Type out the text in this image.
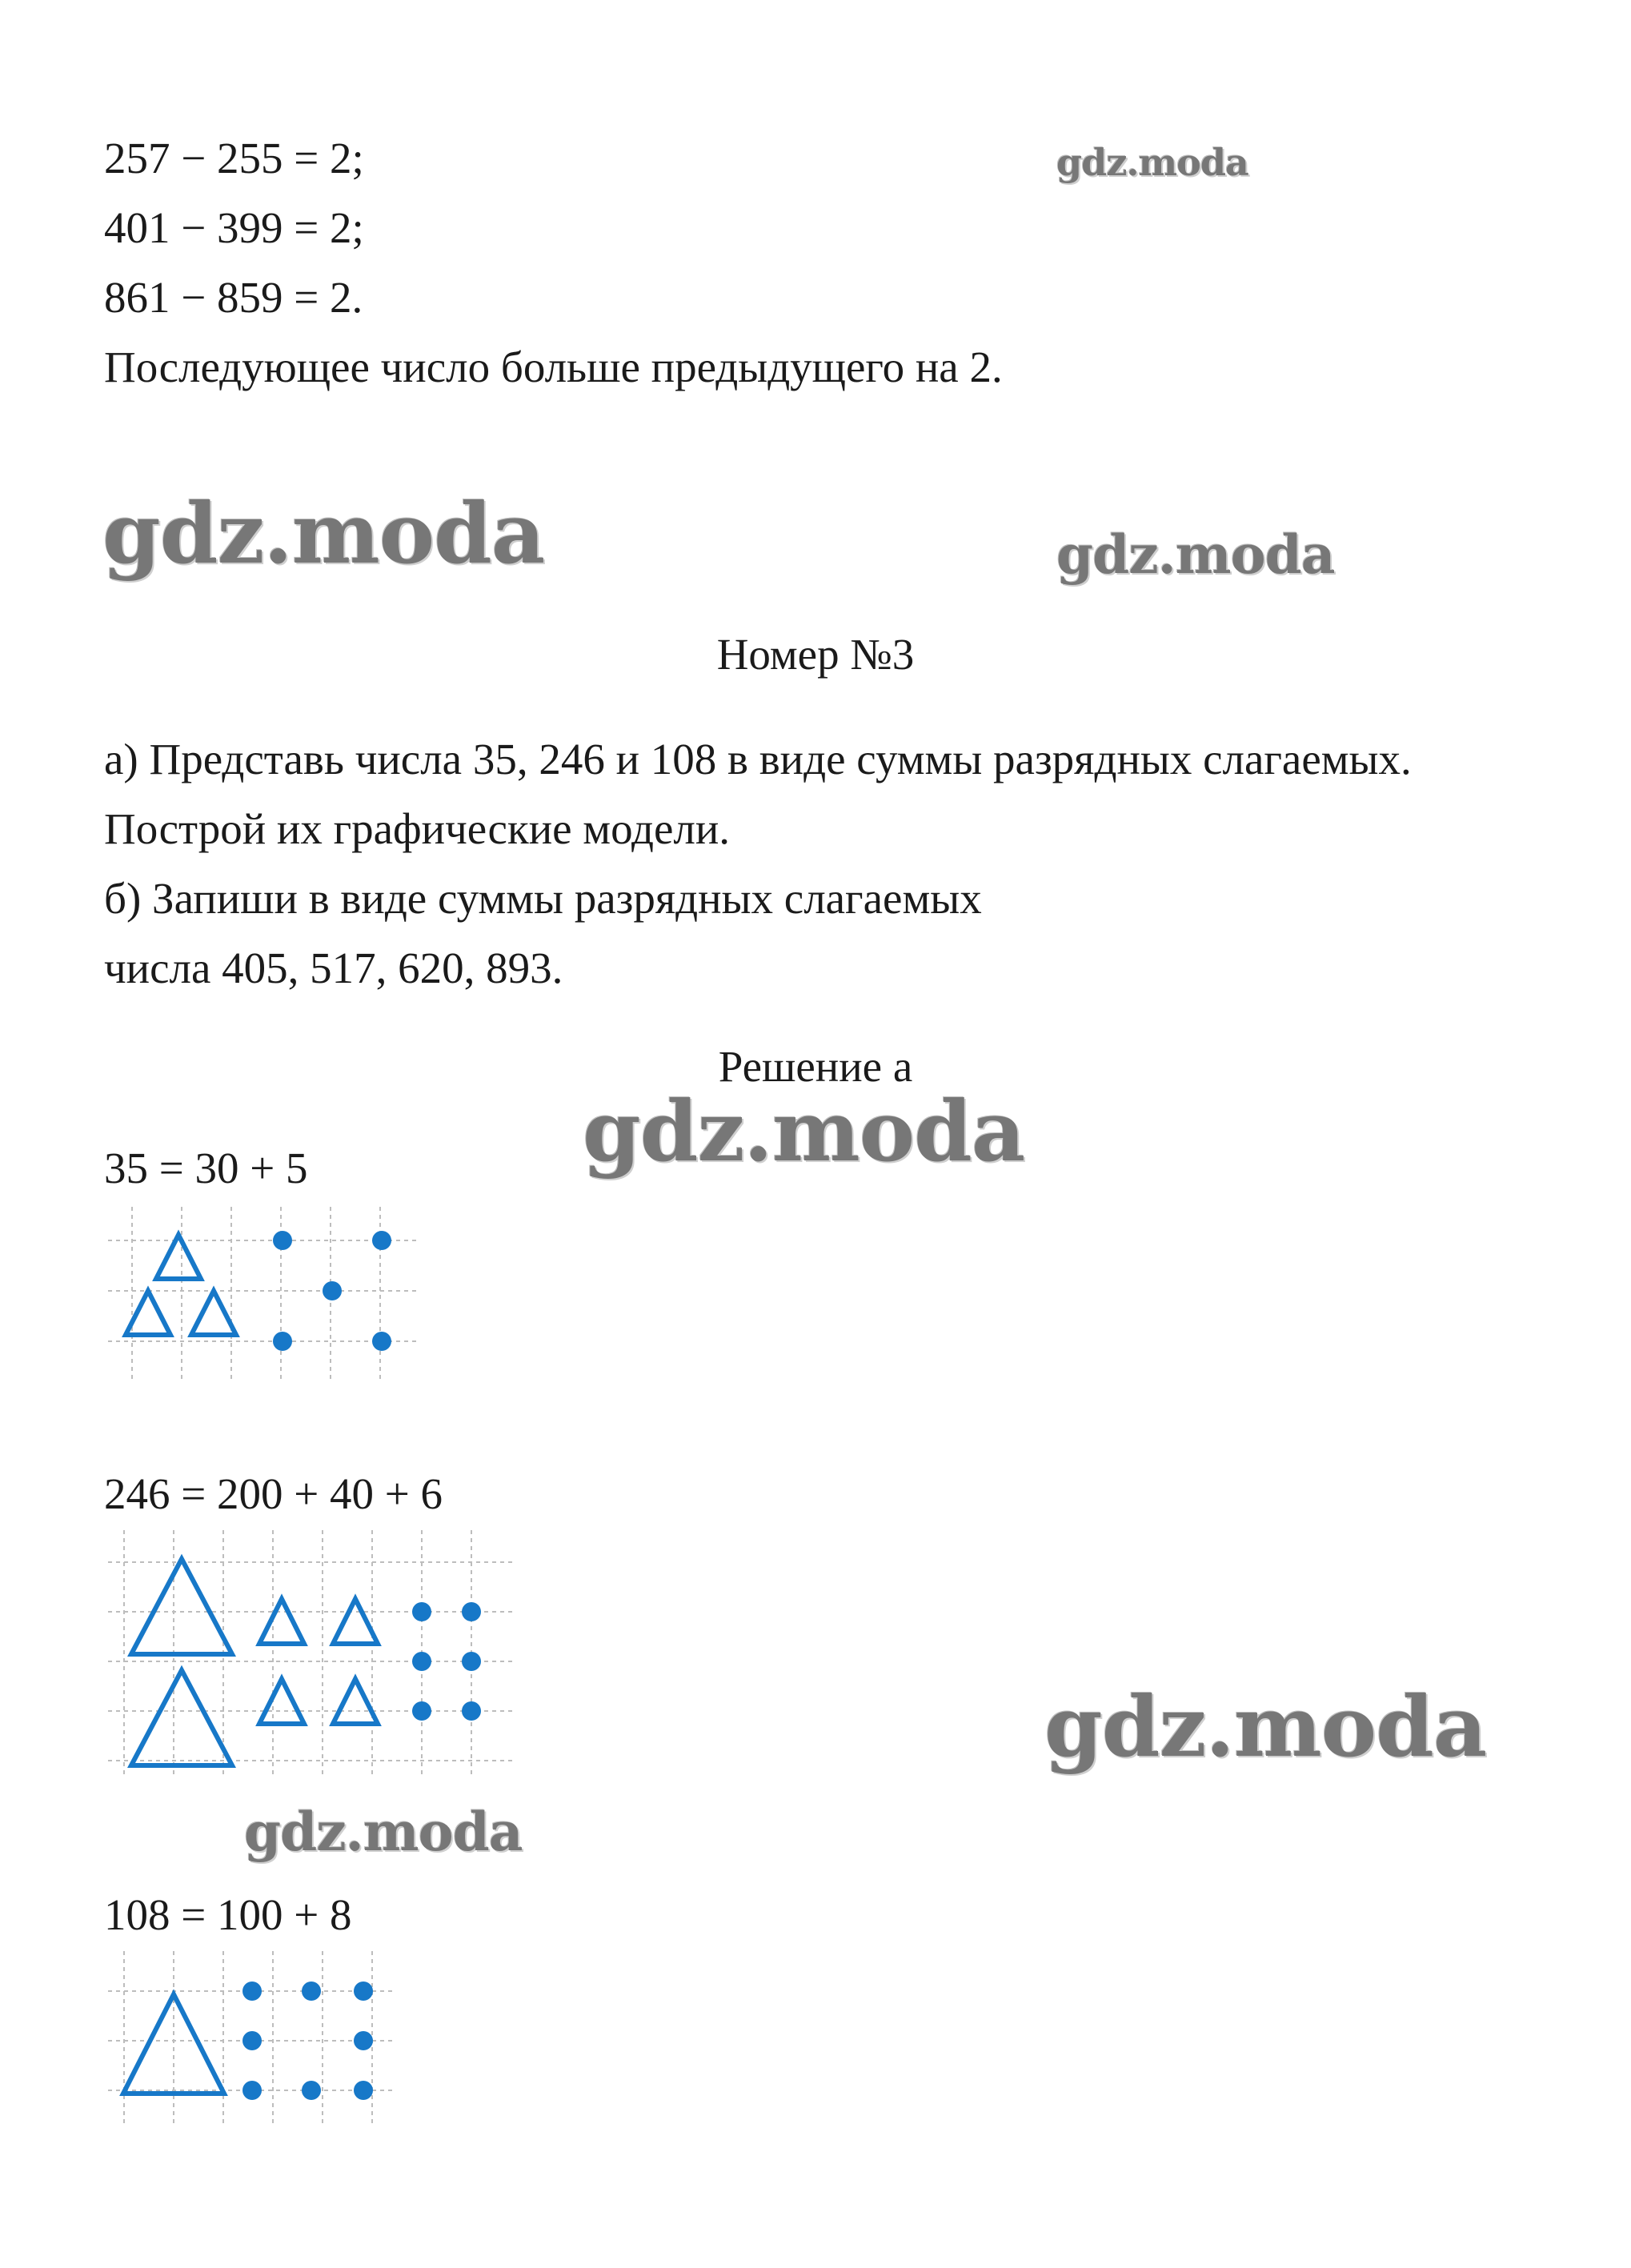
257 − 255 = 2;
401 − 399 = 2;
861 − 859 = 2.
Последующее число больше предыдущего на 2.
Номер №3
а) Представь числа 35, 246 и 108 в виде суммы разрядных слагаемых.
Построй их графические модели.
б) Запиши в виде суммы разрядных слагаемых
числа 405, 517, 620, 893.
Решение а
35 = 30 + 5
246 = 200 + 40 + 6
108 = 100 + 8
gdz.moda
gdz.moda	gdz.moda
gdz.moda
gdz.moda
gdz.moda
